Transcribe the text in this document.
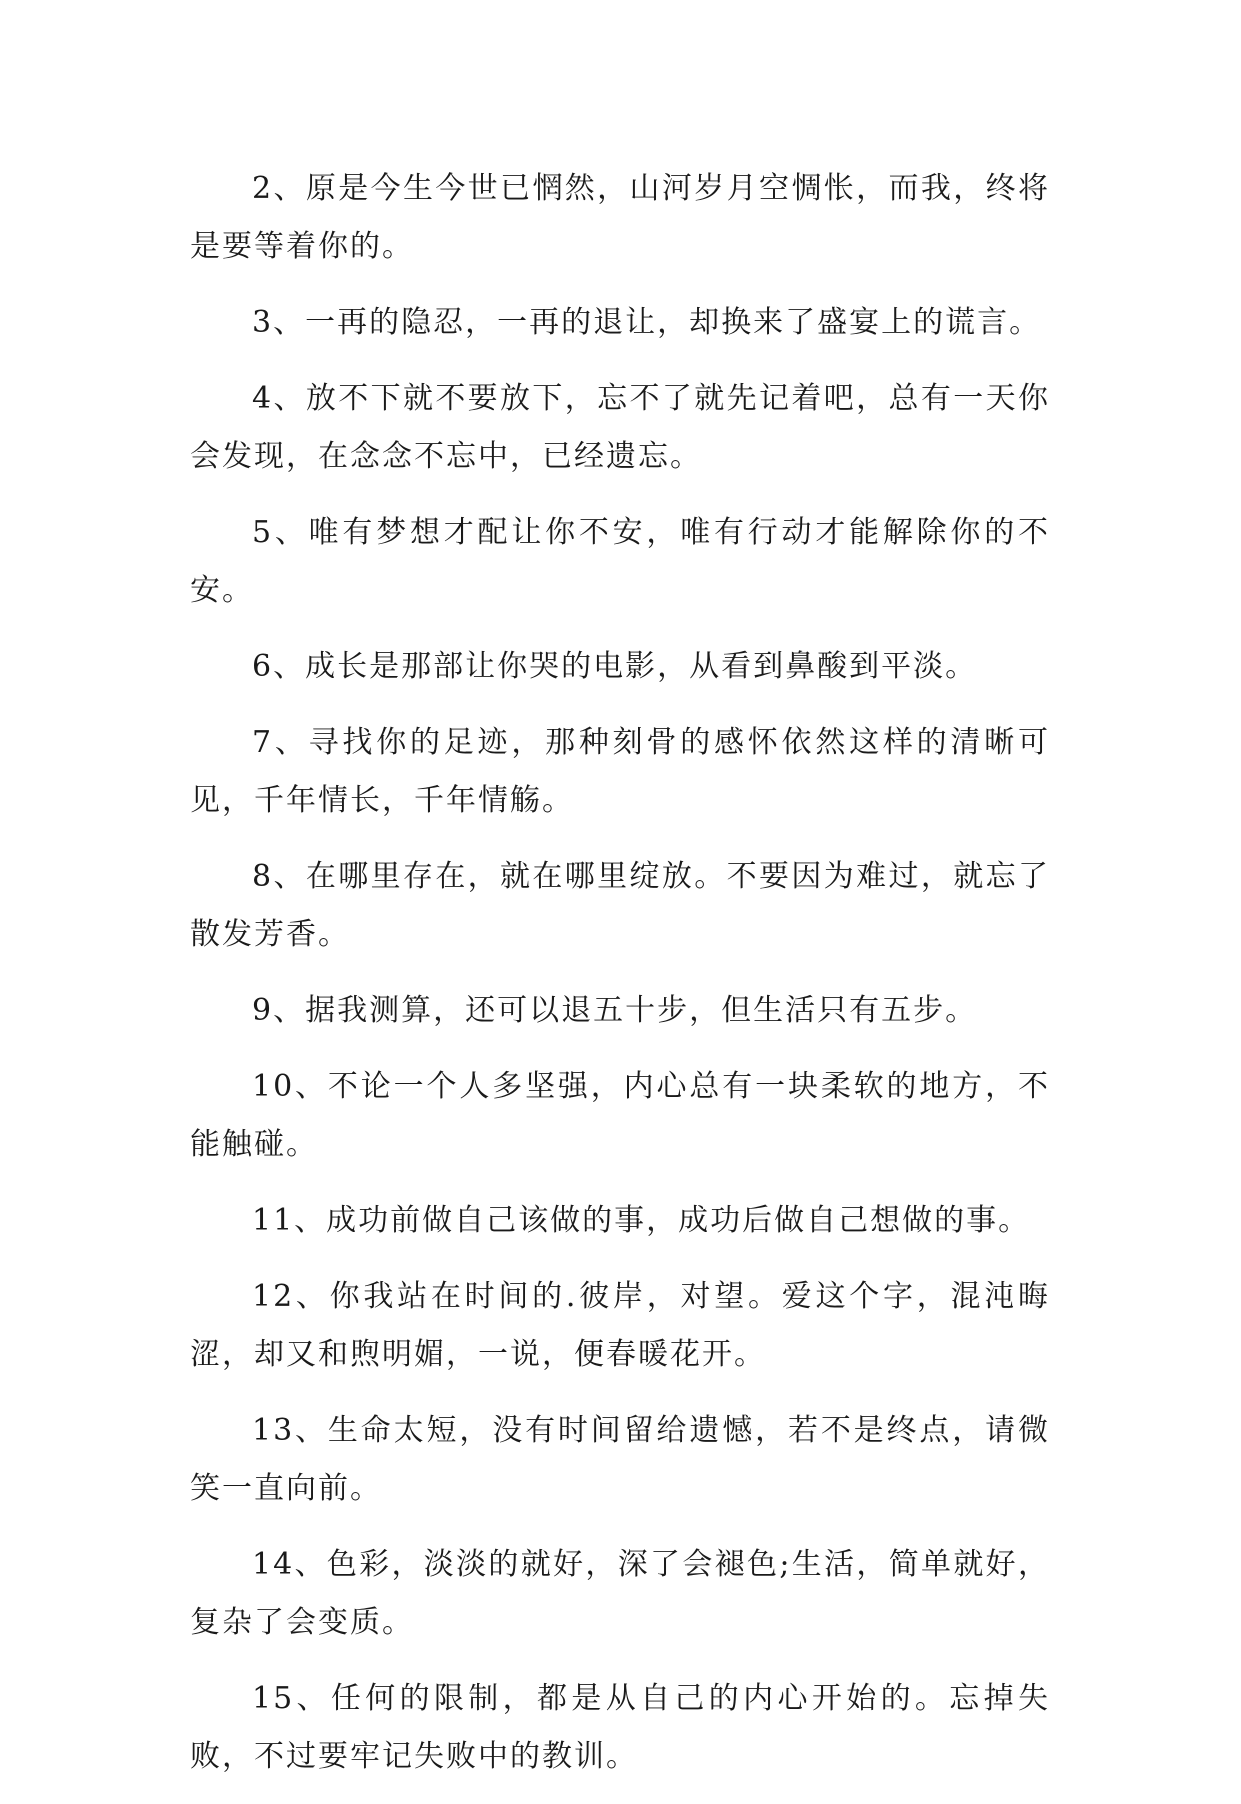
2、原是今生今世已惘然，山河岁月空惆怅，而我，终将是要等着你的。

3、一再的隐忍，一再的退让，却换来了盛宴上的谎言。

4、放不下就不要放下，忘不了就先记着吧，总有一天你会发现，在念念不忘中，已经遗忘。

5、唯有梦想才配让你不安，唯有行动才能解除你的不安。

6、成长是那部让你哭的电影，从看到鼻酸到平淡。

7、寻找你的足迹，那种刻骨的感怀依然这样的清晰可见，千年情长，千年情觞。

8、在哪里存在，就在哪里绽放。不要因为难过，就忘了散发芳香。

9、据我测算，还可以退五十步，但生活只有五步。

10、不论一个人多坚强，内心总有一块柔软的地方，不能触碰。

11、成功前做自己该做的事，成功后做自己想做的事。

12、你我站在时间的.彼岸，对望。爱这个字，混沌晦涩，却又和煦明媚，一说，便春暖花开。

13、生命太短，没有时间留给遗憾，若不是终点，请微笑一直向前。

14、色彩，淡淡的就好，深了会褪色;生活，简单就好，复杂了会变质。

15、任何的限制，都是从自己的内心开始的。忘掉失败，不过要牢记失败中的教训。
